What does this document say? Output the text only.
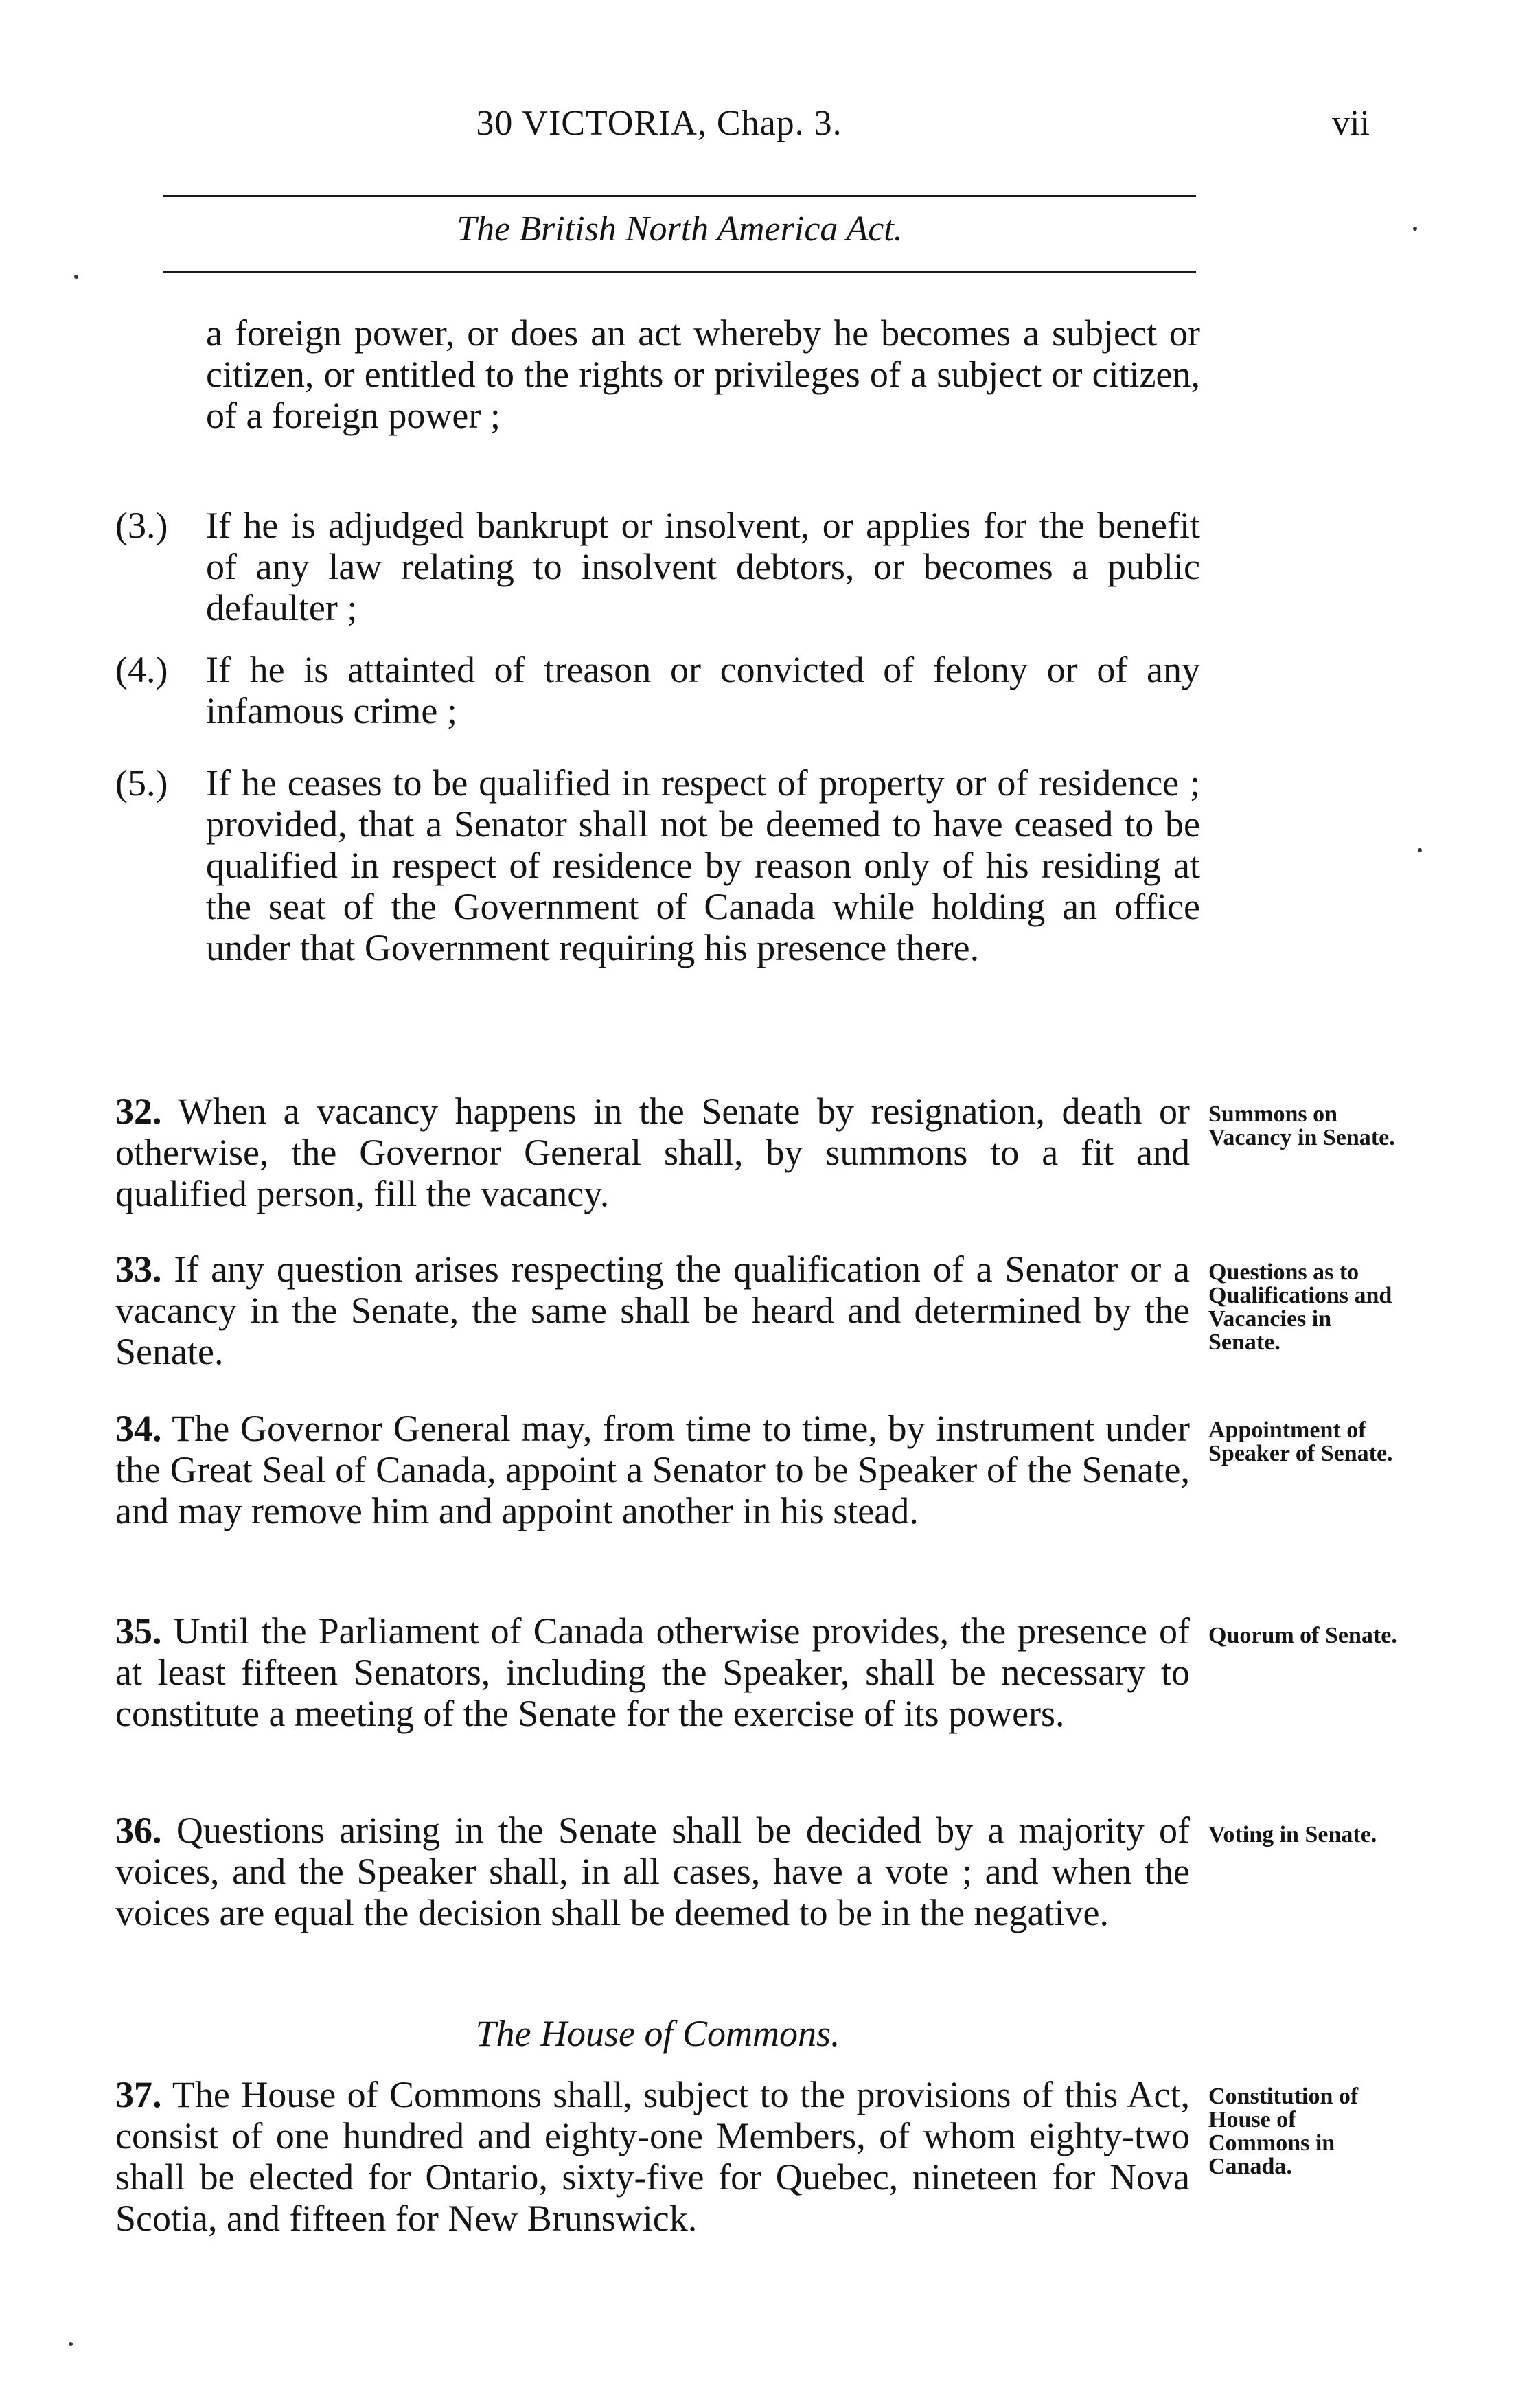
30 VICTORIA, Chap. 3.	vii
The British North America Act.
a foreign power, or does an act whereby he becomes a subject or citizen, or entitled to the rights or privileges of a subject or citizen, of a foreign power ;
(3.) If he is adjudged bankrupt or insolvent, or applies for the benefit of any law relating to insolvent debtors, or becomes a public defaulter ;
(4.) If he is attainted of treason or convicted of felony or of any infamous crime ;
(5.) If he ceases to be qualified in respect of property or of residence ; provided, that a Senator shall not be deemed to have ceased to be qualified in respect of residence by reason only of his residing at the seat of the Government of Canada while holding an office under that Government requiring his presence there.
32. When a vacancy happens in the Senate by resignation, death or otherwise, the Governor General shall, by summons to a fit and qualified person, fill the vacancy.
Summons on Vacancy in Senate.
33. If any question arises respecting the qualification of a Senator or a vacancy in the Senate, the same shall be heard and determined by the Senate.
Questions as to Qualifications and Vacancies in Senate.
34. The Governor General may, from time to time, by instrument under the Great Seal of Canada, appoint a Senator to be Speaker of the Senate, and may remove him and appoint another in his stead.
Appointment of Speaker of Senate.
35. Until the Parliament of Canada otherwise provides, the presence of at least fifteen Senators, including the Speaker, shall be necessary to constitute a meeting of the Senate for the exercise of its powers.
Quorum of Senate.
36. Questions arising in the Senate shall be decided by a majority of voices, and the Speaker shall, in all cases, have a vote ; and when the voices are equal the decision shall be deemed to be in the negative.
Voting in Senate.
The House of Commons.
37. The House of Commons shall, subject to the provisions of this Act, consist of one hundred and eighty-one Members, of whom eighty-two shall be elected for Ontario, sixty-five for Quebec, nineteen for Nova Scotia, and fifteen for New Brunswick.
Constitution of House of Commons in Canada.
